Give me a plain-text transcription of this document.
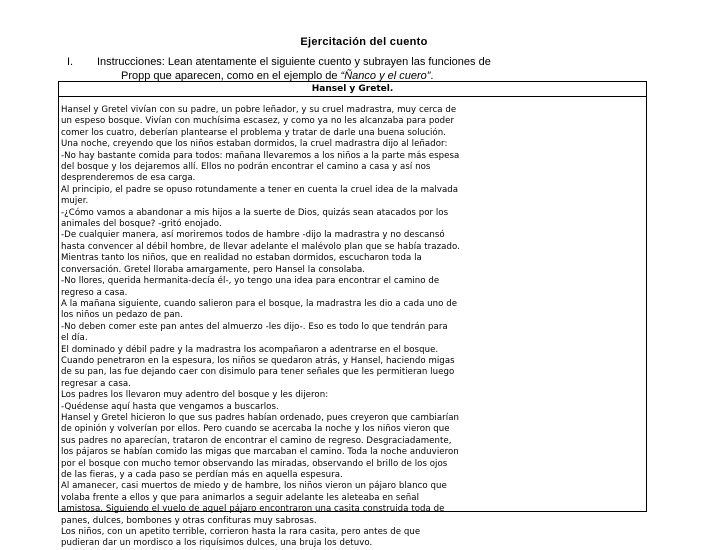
Ejercitación del cuento
I. Instrucciones: Lean atentamente el siguiente cuento y subrayen las funciones de
Propp que aparecen, como en el ejemplo de “Ñanco y el cuero”.
Hansel y Gretel.
Hansel y Gretel vivían con su padre, un pobre leñador, y su cruel madrastra, muy cerca de
un espeso bosque. Vivían con muchísima escasez, y como ya no les alcanzaba para poder
comer los cuatro, deberían plantearse el problema y tratar de darle una buena solución.
Una noche, creyendo que los niños estaban dormidos, la cruel madrastra dijo al leñador:
-No hay bastante comida para todos: mañana llevaremos a los niños a la parte más espesa
del bosque y los dejaremos allí. Ellos no podrán encontrar el camino a casa y así nos
desprenderemos de esa carga.
Al principio, el padre se opuso rotundamente a tener en cuenta la cruel idea de la malvada
mujer.
-¿Cómo vamos a abandonar a mis hijos a la suerte de Dios, quizás sean atacados por los
animales del bosque? -gritó enojado.
-De cualquier manera, así moriremos todos de hambre -dijo la madrastra y no descansó
hasta convencer al débil hombre, de llevar adelante el malévolo plan que se había trazado.
Mientras tanto los niños, que en realidad no estaban dormidos, escucharon toda la
conversación. Gretel lloraba amargamente, pero Hansel la consolaba.
-No llores, querida hermanita-decía él-, yo tengo una idea para encontrar el camino de
regreso a casa.
A la mañana siguiente, cuando salieron para el bosque, la madrastra les dio a cada uno de
los niños un pedazo de pan.
-No deben comer este pan antes del almuerzo -les dijo-. Eso es todo lo que tendrán para
el día.
El dominado y débil padre y la madrastra los acompañaron a adentrarse en el bosque.
Cuando penetraron en la espesura, los niños se quedaron atrás, y Hansel, haciendo migas
de su pan, las fue dejando caer con disimulo para tener señales que les permitieran luego
regresar a casa.
Los padres los llevaron muy adentro del bosque y les dijeron:
-Quédense aquí hasta que vengamos a buscarlos.
Hansel y Gretel hicieron lo que sus padres habían ordenado, pues creyeron que cambiarían
de opinión y volverían por ellos. Pero cuando se acercaba la noche y los niños vieron que
sus padres no aparecían, trataron de encontrar el camino de regreso. Desgraciadamente,
los pájaros se habían comido las migas que marcaban el camino. Toda la noche anduvieron
por el bosque con mucho temor observando las miradas, observando el brillo de los ojos
de las fieras, y a cada paso se perdían más en aquella espesura.
Al amanecer, casi muertos de miedo y de hambre, los niños vieron un pájaro blanco que
volaba frente a ellos y que para animarlos a seguir adelante les aleteaba en señal
amistosa. Siguiendo el vuelo de aquel pájaro encontraron una casita construida toda de
panes, dulces, bombones y otras confituras muy sabrosas.
Los niños, con un apetito terrible, corrieron hasta la rara casita, pero antes de que
pudieran dar un mordisco a los riquísimos dulces, una bruja los detuvo.
